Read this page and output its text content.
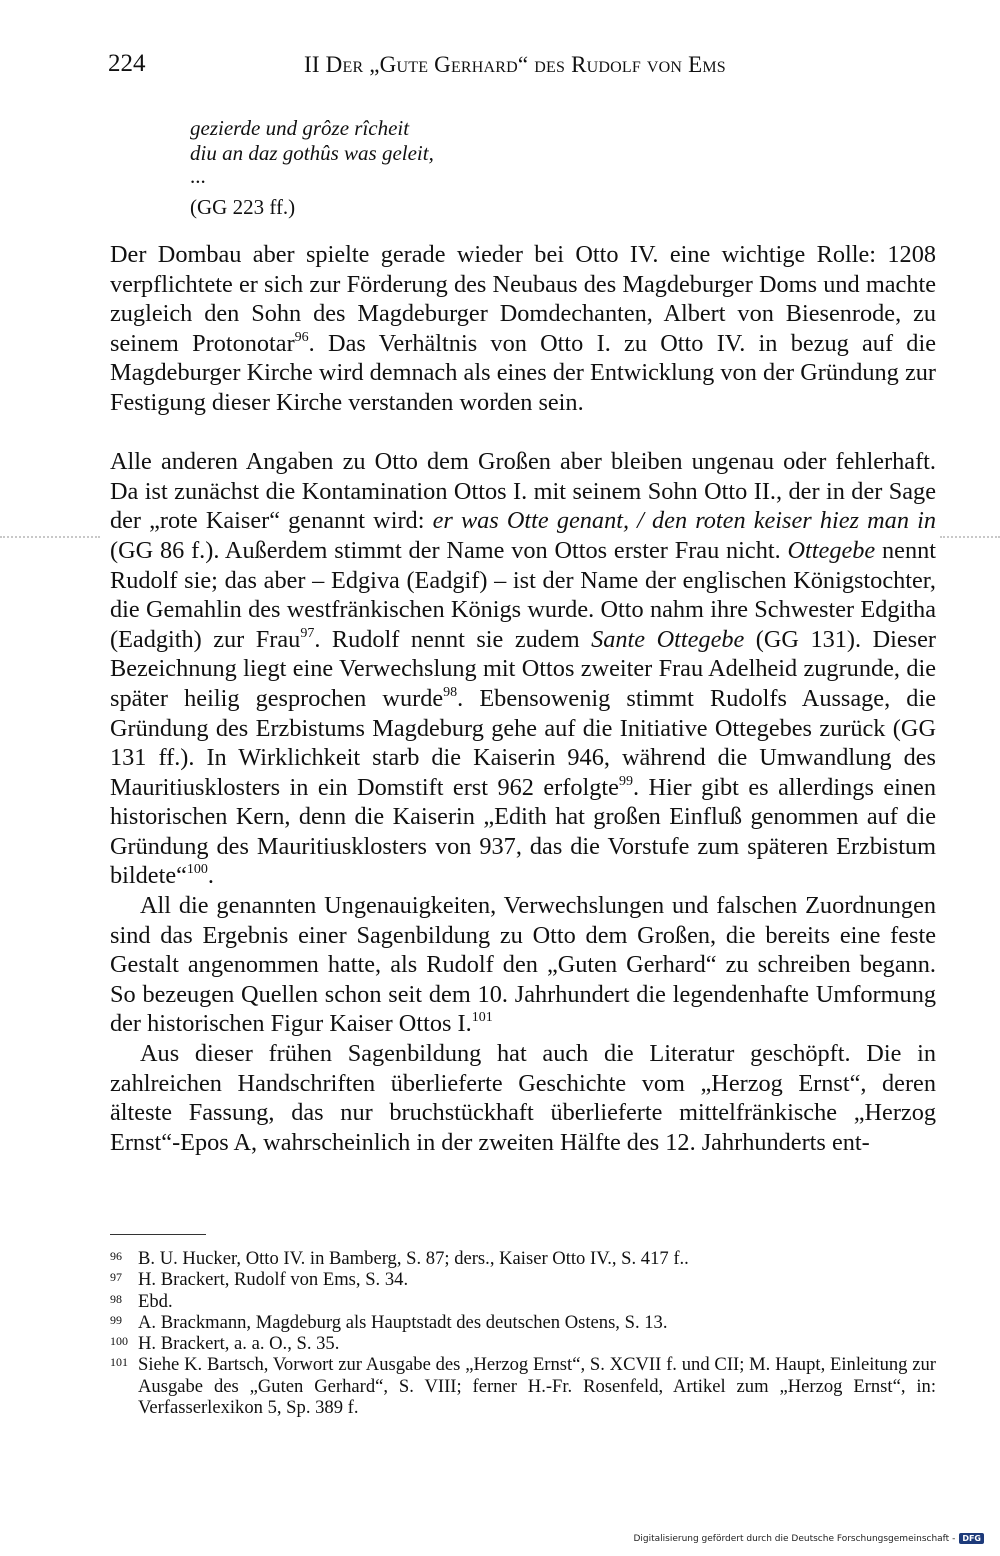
224	II Der „Gute Gerhard“ des Rudolf von Ems
gezierde und grôze rîcheit
diu an daz gothûs was geleit,
...
(GG 223 ff.)

Der Dombau aber spielte gerade wieder bei Otto IV. eine wichtige Rolle: 1208 verpflichtete er sich zur Förderung des Neubaus des Magdeburger Doms und machte zugleich den Sohn des Magdeburger Domdechanten, Albert von Biesenrode, zu seinem Protonotar$^{96}$. Das Verhältnis von Otto I. zu Otto IV. in bezug auf die Magdeburger Kirche wird demnach als eines der Entwicklung von der Gründung zur Festigung dieser Kirche verstanden worden sein.

Alle anderen Angaben zu Otto dem Großen aber bleiben ungenau oder fehlerhaft. Da ist zunächst die Kontamination Ottos I. mit seinem Sohn Otto II., der in der Sage der „rote Kaiser“ genannt wird: er was Otte genant, / den roten keiser hiez man in (GG 86 f.). Außerdem stimmt der Name von Ottos erster Frau nicht. Ottegebe nennt Rudolf sie; das aber – Edgiva (Eadgif) – ist der Name der englischen Königstochter, die Gemahlin des westfränkischen Königs wurde. Otto nahm ihre Schwester Edgitha (Eadgith) zur Frau$^{97}$. Rudolf nennt sie zudem Sante Ottegebe (GG 131). Dieser Bezeichnung liegt eine Verwechslung mit Ottos zweiter Frau Adelheid zugrunde, die später heilig gesprochen wurde$^{98}$. Ebensowenig stimmt Rudolfs Aussage, die Gründung des Erzbistums Magdeburg gehe auf die Initiative Ottegebes zurück (GG 131 ff.). In Wirklichkeit starb die Kaiserin 946, während die Umwandlung des Mauritiusklosters in ein Domstift erst 962 erfolgte$^{99}$. Hier gibt es allerdings einen historischen Kern, denn die Kaiserin „Edith hat großen Einfluß genommen auf die Gründung des Mauritiusklosters von 937, das die Vorstufe zum späteren Erzbistum bildete“$^{100}$.

All die genannten Ungenauigkeiten, Verwechslungen und falschen Zuordnungen sind das Ergebnis einer Sagenbildung zu Otto dem Großen, die bereits eine feste Gestalt angenommen hatte, als Rudolf den „Guten Gerhard“ zu schreiben begann. So bezeugen Quellen schon seit dem 10. Jahrhundert die legendenhafte Umformung der historischen Figur Kaiser Ottos I.$^{101}$

Aus dieser frühen Sagenbildung hat auch die Literatur geschöpft. Die in zahlreichen Handschriften überlieferte Geschichte vom „Herzog Ernst“, deren älteste Fassung, das nur bruchstückhaft überlieferte mittelfränkische „Herzog Ernst“-Epos A, wahrscheinlich in der zweiten Hälfte des 12. Jahrhunderts ent-

96 B. U. Hucker, Otto IV. in Bamberg, S. 87; ders., Kaiser Otto IV., S. 417 f..
97 H. Brackert, Rudolf von Ems, S. 34.
98 Ebd.
99 A. Brackmann, Magdeburg als Hauptstadt des deutschen Ostens, S. 13.
100 H. Brackert, a. a. O., S. 35.
101 Siehe K. Bartsch, Vorwort zur Ausgabe des „Herzog Ernst“, S. XCVII f. und CII; M. Haupt, Einleitung zur Ausgabe des „Guten Gerhard“, S. VIII; ferner H.-Fr. Rosenfeld, Artikel zum „Herzog Ernst“, in: Verfasserlexikon 5, Sp. 389 f.
Digitalisierung gefördert durch die Deutsche Forschungsgemeinschaft - DFG
